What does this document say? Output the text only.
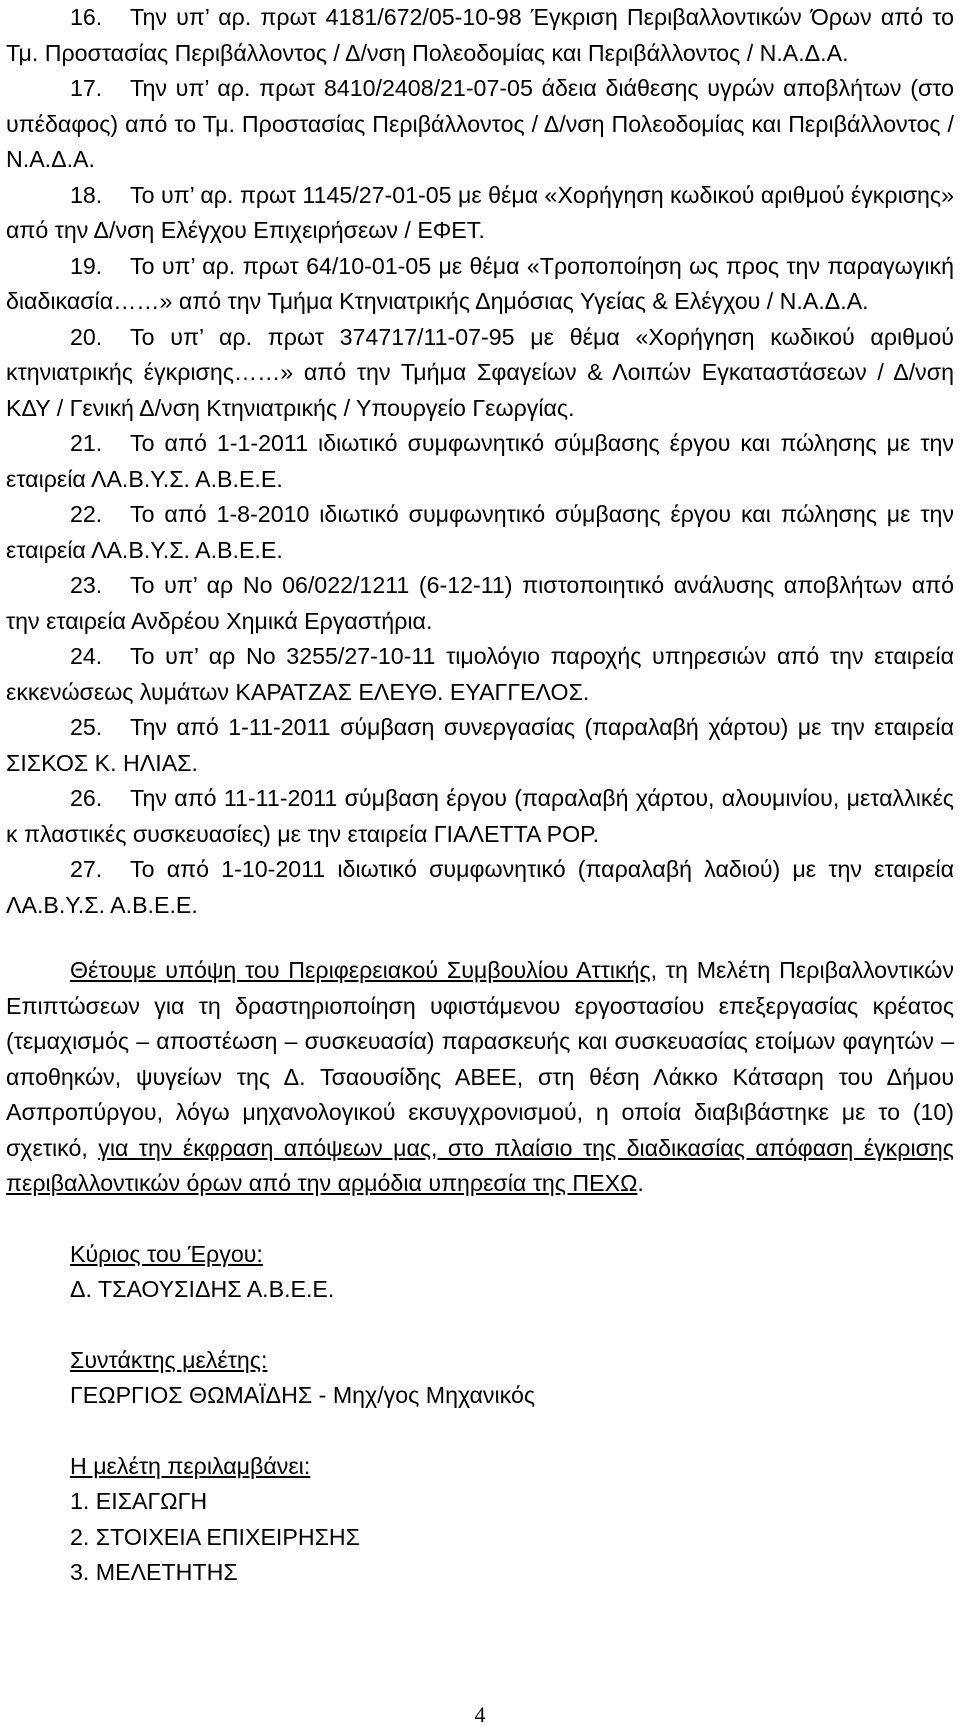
16. Την υπ’ αρ. πρωτ 4181/672/05-10-98 Έγκριση Περιβαλλοντικών Όρων από το Τμ. Προστασίας Περιβάλλοντος / Δ/νση Πολεοδομίας και Περιβάλλοντος / Ν.Α.Δ.Α.

17. Την υπ’ αρ. πρωτ 8410/2408/21-07-05 άδεια διάθεσης υγρών αποβλήτων (στο υπέδαφος) από το Τμ. Προστασίας Περιβάλλοντος / Δ/νση Πολεοδομίας και Περιβάλλοντος / Ν.Α.Δ.Α.

18. Το υπ’ αρ. πρωτ 1145/27-01-05 με θέμα «Χορήγηση κωδικού αριθμού έγκρισης» από την Δ/νση Ελέγχου Επιχειρήσεων / ΕΦΕΤ.

19. Το υπ’ αρ. πρωτ 64/10-01-05 με θέμα «Τροποποίηση ως προς την παραγωγική διαδικασία……» από την Τμήμα Κτηνιατρικής Δημόσιας Υγείας & Ελέγχου / Ν.Α.Δ.Α.

20. Το υπ’ αρ. πρωτ 374717/11-07-95 με θέμα «Χορήγηση κωδικού αριθμού κτηνιατρικής έγκρισης……» από την Τμήμα Σφαγείων & Λοιπών Εγκαταστάσεων / Δ/νση ΚΔΥ / Γενική Δ/νση Κτηνιατρικής / Υπουργείο Γεωργίας.

21. Το από 1-1-2011 ιδιωτικό συμφωνητικό σύμβασης έργου και πώλησης με την εταιρεία ΛΑ.Β.Υ.Σ. Α.Β.Ε.Ε.

22. Το από 1-8-2010 ιδιωτικό συμφωνητικό σύμβασης έργου και πώλησης με την εταιρεία ΛΑ.Β.Υ.Σ. Α.Β.Ε.Ε.

23. Το υπ’ αρ Νο 06/022/1211 (6-12-11) πιστοποιητικό ανάλυσης αποβλήτων από την εταιρεία Ανδρέου Χημικά Εργαστήρια.

24. Το υπ’ αρ Νο 3255/27-10-11 τιμολόγιο παροχής υπηρεσιών από την εταιρεία εκκενώσεως λυμάτων ΚΑΡΑΤΖΑΣ ΕΛΕΥΘ. ΕΥΑΓΓΕΛΟΣ.

25. Την από 1-11-2011 σύμβαση συνεργασίας (παραλαβή χάρτου) με την εταιρεία ΣΙΣΚΟΣ Κ. ΗΛΙΑΣ.

26. Την από 11-11-2011 σύμβαση έργου (παραλαβή χάρτου, αλουμινίου, μεταλλικές κ πλαστικές συσκευασίες) με την εταιρεία ΓΙΑΛΕΤΤΑ ΡΟΡ.

27. Το από 1-10-2011 ιδιωτικό συμφωνητικό (παραλαβή λαδιού) με την εταιρεία ΛΑ.Β.Υ.Σ. Α.Β.Ε.Ε.

Θέτουμε υπόψη του Περιφερειακού Συμβουλίου Αττικής, τη Μελέτη Περιβαλλοντικών Επιπτώσεων για τη δραστηριοποίηση υφιστάμενου εργοστασίου επεξεργασίας κρέατος (τεμαχισμός – αποστέωση – συσκευασία) παρασκευής και συσκευασίας ετοίμων φαγητών – αποθηκών, ψυγείων της Δ. Τσαουσίδης ΑΒΕΕ, στη θέση Λάκκο Κάτσαρη του Δήμου Ασπροπύργου, λόγω μηχανολογικού εκσυγχρονισμού, η οποία διαβιβάστηκε με το (10) σχετικό, για την έκφραση απόψεων μας, στο πλαίσιο της διαδικασίας απόφαση έγκρισης περιβαλλοντικών όρων από την αρμόδια υπηρεσία της ΠΕΧΩ.

Κύριος του Έργου:
Δ. ΤΣΑΟΥΣΙΔΗΣ Α.Β.Ε.Ε.
Συντάκτης μελέτης:
ΓΕΩΡΓΙΟΣ ΘΩΜΑΪΔΗΣ - Μηχ/γος Μηχανικός
Η μελέτη περιλαμβάνει:
1. ΕΙΣΑΓΩΓΗ
2. ΣΤΟΙΧΕΙΑ ΕΠΙΧΕΙΡΗΣΗΣ
3. ΜΕΛΕΤΗΤΗΣ
4
